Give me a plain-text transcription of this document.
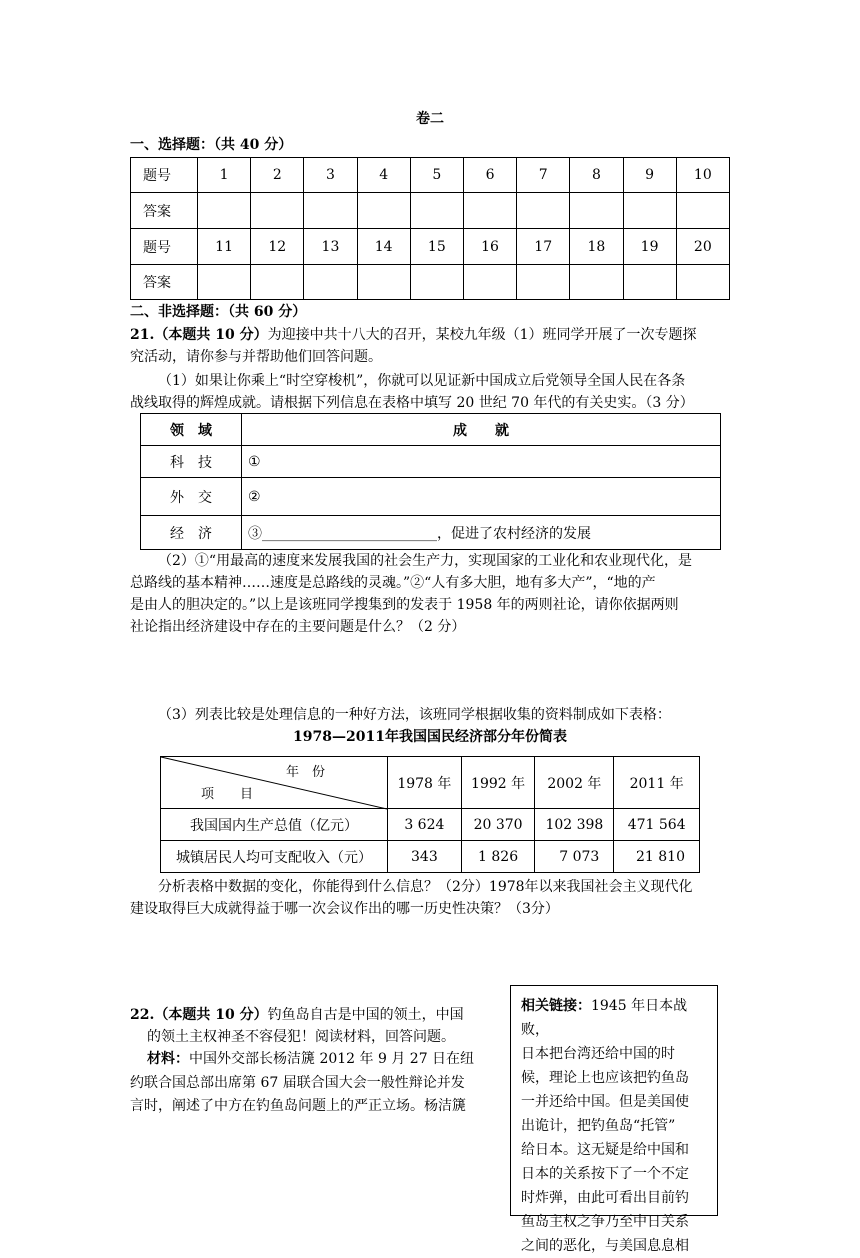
卷二
一、选择题：（共 40 分）
题号	1	2	3	4	5	6	7	8	9	10
答案										
题号	11	12	13	14	15	16	17	18	19	20
答案										
二、非选择题：（共 60 分）
21.（本题共 10 分）为迎接中共十八大的召开，某校九年级（1）班同学开展了一次专题探
究活动，请你参与并帮助他们回答问题。
（1）如果让你乘上“时空穿梭机”，你就可以见证新中国成立后党领导全国人民在各条
战线取得的辉煌成就。请根据下列信息在表格中填写 20 世纪 70 年代的有关史实。（3 分）
领　域	成　　就
科　技	①
外　交	②
经　济	③_________________________，促进了农村经济的发展
（2）①“用最高的速度来发展我国的社会生产力，实现国家的工业化和农业现代化，是
总路线的基本精神……速度是总路线的灵魂。”②“人有多大胆，地有多大产”，“地的产
是由人的胆决定的。”以上是该班同学搜集到的发表于 1958 年的两则社论，请你依据两则
社论指出经济建设中存在的主要问题是什么？（2 分）
（3）列表比较是处理信息的一种好方法，该班同学根据收集的资料制成如下表格：
1978—2011年我国国民经济部分年份简表
年　份
项　　目	1978 年	1992 年	2002 年	2011 年
我国国内生产总值（亿元）	3 624	20 370	102 398	471 564
城镇居民人均可支配收入（元）	343	1 826	7 073	21 810
分析表格中数据的变化，你能得到什么信息？（2分）1978年以来我国社会主义现代化
建设取得巨大成就得益于哪一次会议作出的哪一历史性决策？（3分）
22.（本题共 10 分）钓鱼岛自古是中国的领土，中国
的领土主权神圣不容侵犯！阅读材料，回答问题。
材料：中国外交部长杨洁篪 2012 年 9 月 27 日在纽
约联合国总部出席第 67 届联合国大会一般性辩论并发
言时，阐述了中方在钓鱼岛问题上的严正立场。杨洁篪

相关链接：1945 年日本战败，

日本把台湾还给中国的时

候，理论上也应该把钓鱼岛

一并还给中国。但是美国使

出诡计，把钓鱼岛“托管”

给日本。这无疑是给中国和

日本的关系按下了一个不定

时炸弹，由此可看出目前钓

鱼岛主权之争乃至中日关系

之间的恶化，与美国息息相
